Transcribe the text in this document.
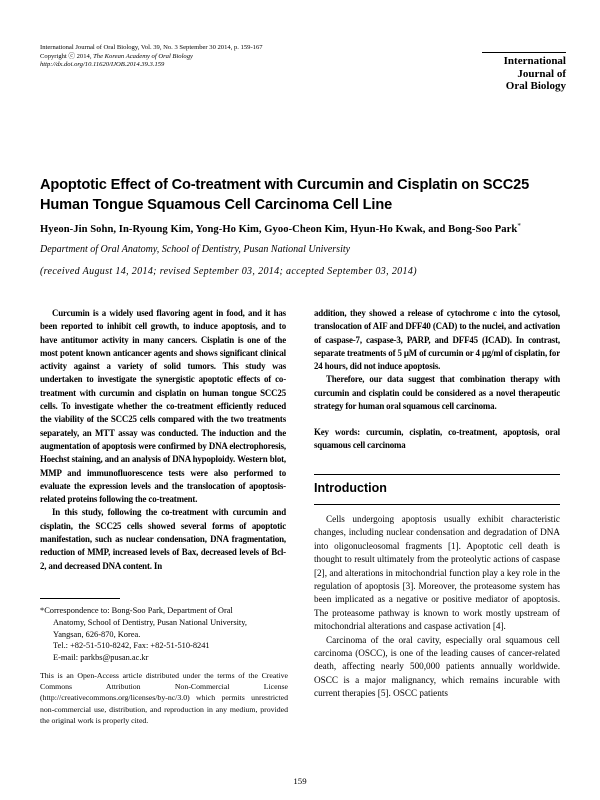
International Journal of Oral Biology, Vol. 39, No. 3 September 30 2014, p. 159-167
Copyright ⓒ 2014, The Korean Academy of Oral Biology
http://dx.doi.org/10.11620/IJOB.2014.39.3.159	International
Journal of
Oral Biology
Apoptotic Effect of Co-treatment with Curcumin and Cisplatin on SCC25
Human Tongue Squamous Cell Carcinoma Cell Line
Hyeon-Jin Sohn, In-Ryoung Kim, Yong-Ho Kim, Gyoo-Cheon Kim, Hyun-Ho Kwak, and Bong-Soo Park*
Department of Oral Anatomy, School of Dentistry, Pusan National University
(received August 14, 2014; revised September 03, 2014; accepted September 03, 2014)

Curcumin is a widely used flavoring agent in food, and it has been reported to inhibit cell growth, to induce apoptosis, and to have antitumor activity in many cancers. Cisplatin is one of the most potent known anticancer agents and shows significant clinical activity against a variety of solid tumors. This study was undertaken to investigate the synergistic apoptotic effects of co-treatment with curcumin and cisplatin on human tongue SCC25 cells. To investigate whether the co-treatment efficiently reduced the viability of the SCC25 cells compared with the two treatments separately, an MTT assay was conducted. The induction and the augmentation of apoptosis were confirmed by DNA electrophoresis, Hoechst staining, and an analysis of DNA hypoploidy. Western blot, MMP and immunofluorescence tests were also performed to evaluate the expression levels and the translocation of apoptosis-related proteins following the co-treatment.

In this study, following the co-treatment with curcumin and cisplatin, the SCC25 cells showed several forms of apoptotic manifestation, such as nuclear condensation, DNA fragmentation, reduction of MMP, increased levels of Bax, decreased levels of Bcl-2, and decreased DNA content. In

addition, they showed a release of cytochrome c into the cytosol, translocation of AIF and DFF40 (CAD) to the nuclei, and activation of caspase-7, caspase-3, PARP, and DFF45 (ICAD). In contrast, separate treatments of 5 μM of curcumin or 4 μg/ml of cisplatin, for 24 hours, did not induce apoptosis.

Therefore, our data suggest that combination therapy with curcumin and cisplatin could be considered as a novel therapeutic strategy for human oral squamous cell carcinoma.

Key words: curcumin, cisplatin, co-treatment, apoptosis, oral squamous cell carcinoma
Introduction

Cells undergoing apoptosis usually exhibit characteristic changes, including nuclear condensation and degradation of DNA into oligonucleosomal fragments [1]. Apoptotic cell death is thought to result ultimately from the proteolytic actions of caspase [2], and alterations in mitochondrial function play a key role in the regulation of apoptosis [3]. Moreover, the proteasome system has been implicated as a negative or positive mediator of apoptosis. The proteasome pathway is known to work mostly upstream of mitochondrial alterations and caspase activation [4].

Carcinoma of the oral cavity, especially oral squamous cell carcinoma (OSCC), is one of the leading causes of cancer-related death, affecting nearly 500,000 patients annually worldwide. OSCC is a major malignancy, which remains incurable with current therapies [5]. OSCC patients

*Correspondence to: Bong-Soo Park, Department of Oral
Anatomy, School of Dentistry, Pusan National University,
Yangsan, 626-870, Korea.
Tel.: +82-51-510-8242, Fax: +82-51-510-8241
E-mail: parkbs@pusan.ac.kr
This is an Open-Access article distributed under the terms of the Creative Commons Attribution Non-Commercial License (http://creativecommons.org/licenses/by-nc/3.0) which permits unrestricted non-commercial use, distribution, and reproduction in any medium, provided the original work is properly cited.
159
